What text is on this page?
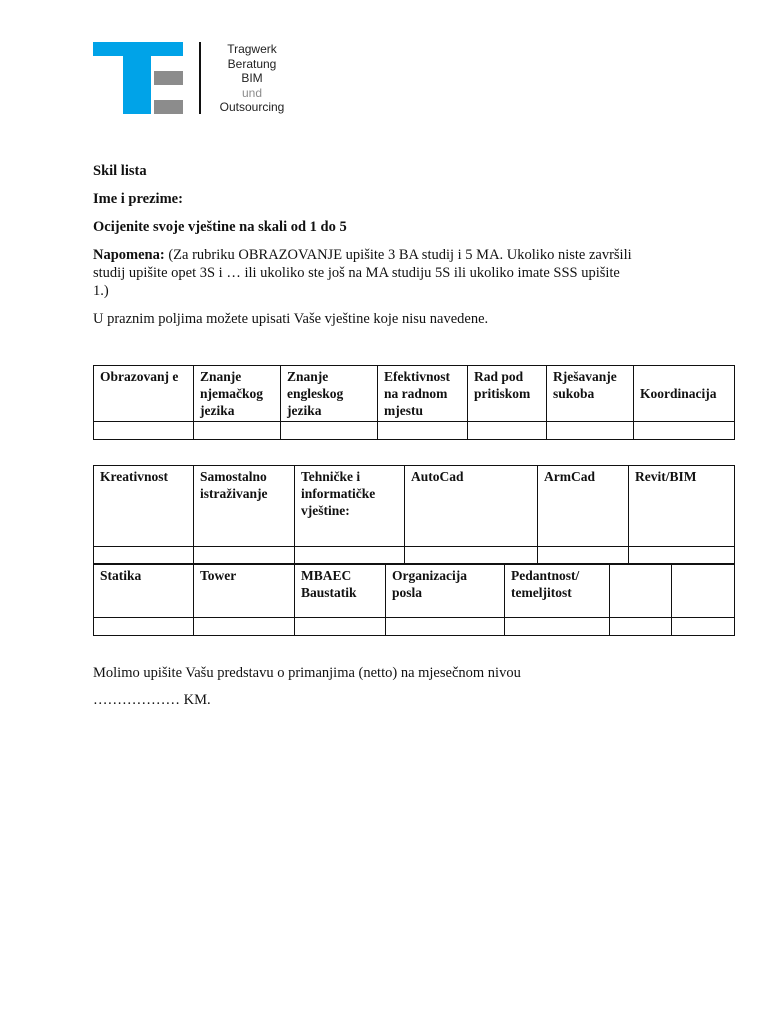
Tragwerk
Beratung
BIM
und
Outsourcing
Skil lista
Ime i prezime:
Ocijenite svoje vještine na skali od 1 do 5
Napomena: (Za rubriku OBRAZOVANJE upišite 3 BA studij i 5 MA. Ukoliko niste završili
studij upišite opet 3S i … ili ukoliko ste još na MA studiju 5S ili ukoliko imate SSS upišite
1.)
U praznim poljima možete upisati Vaše vještine koje nisu navedene.
Obrazovanj e	Znanje njemačkog jezika	Znanje engleskog jezika	Efektivnost na radnom mjestu	Rad pod pritiskom	Rješavanje sukoba	Koordinacija

Kreativnost	Samostalno istraživanje	Tehničke i informatičke vještine:	AutoCad	ArmCad	Revit/BIM

Statika	Tower	MBAEC Baustatik	Organizacija posla	Pedantnost/ temeljitost		

Molimo upišite Vašu predstavu o primanjima (netto) na mjesečnom nivou
……………… KM.
